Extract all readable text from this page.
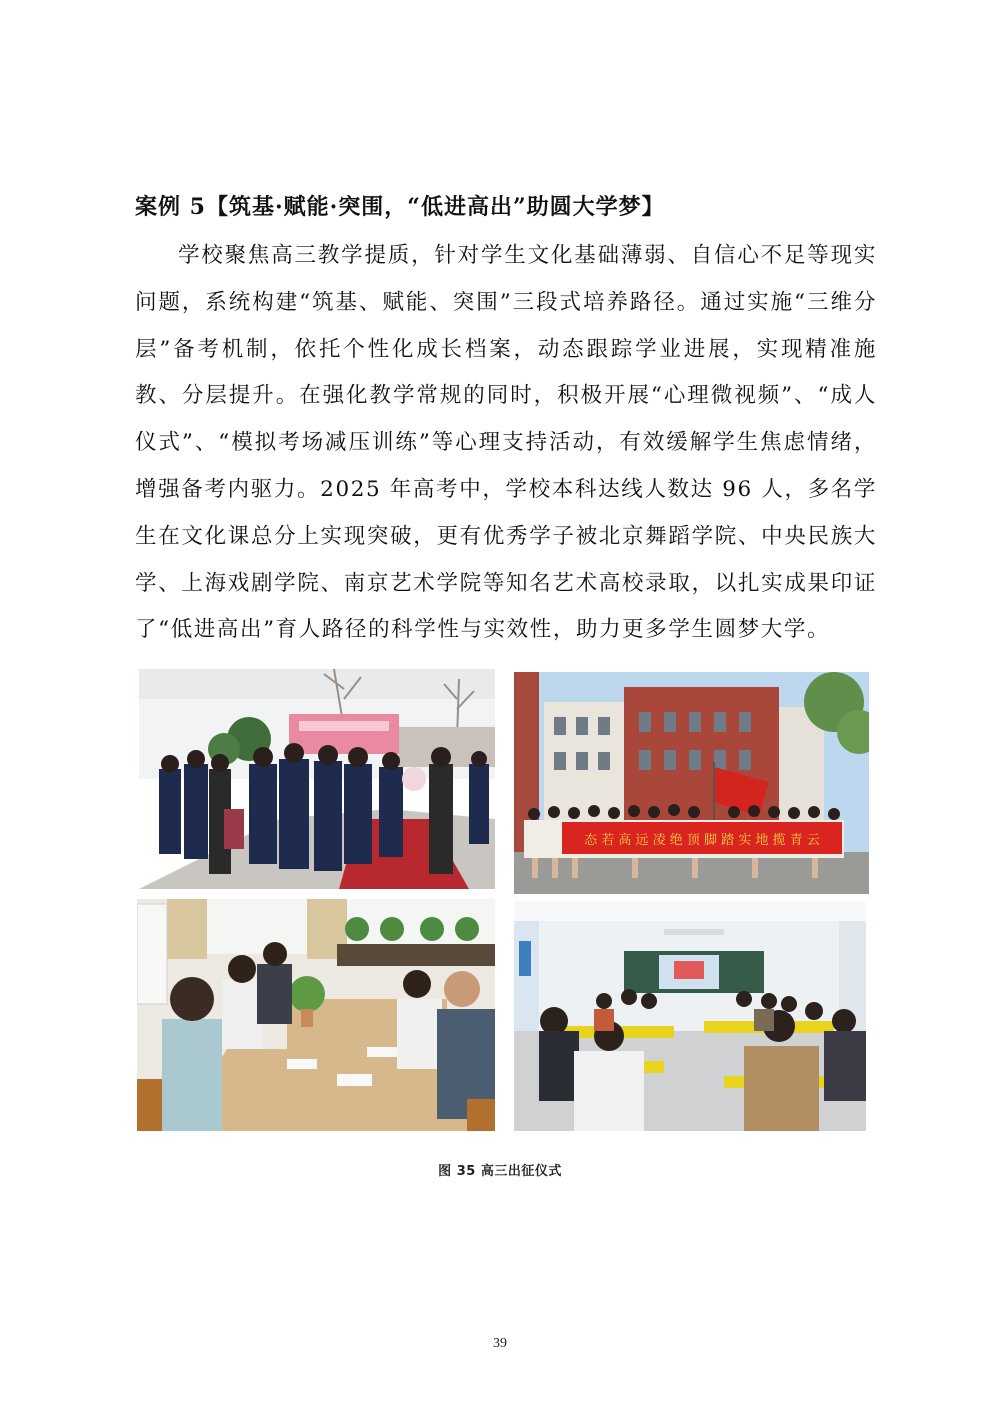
案例 5【筑基·赋能·突围，“低进高出”助圆大学梦】

学校聚焦高三教学提质，针对学生文化基础薄弱、自信心不足等现实问题，系统构建“筑基、赋能、突围”三段式培养路径。通过实施“三维分层”备考机制，依托个性化成长档案，动态跟踪学业进展，实现精准施教、分层提升。在强化教学常规的同时，积极开展“心理微视频”、“成人仪式”、“模拟考场减压训练”等心理支持活动，有效缓解学生焦虑情绪，增强备考内驱力。2025 年高考中，学校本科达线人数达 96 人，多名学生在文化课总分上实现突破，更有优秀学子被北京舞蹈学院、中央民族大学、上海戏剧学院、南京艺术学院等知名艺术高校录取，以扎实成果印证了“低进高出”育人路径的科学性与实效性，助力更多学生圆梦大学。

态 若 高 远 凌 绝 顶 脚 踏 实 地 揽 青 云
图 35 高三出征仪式
39
